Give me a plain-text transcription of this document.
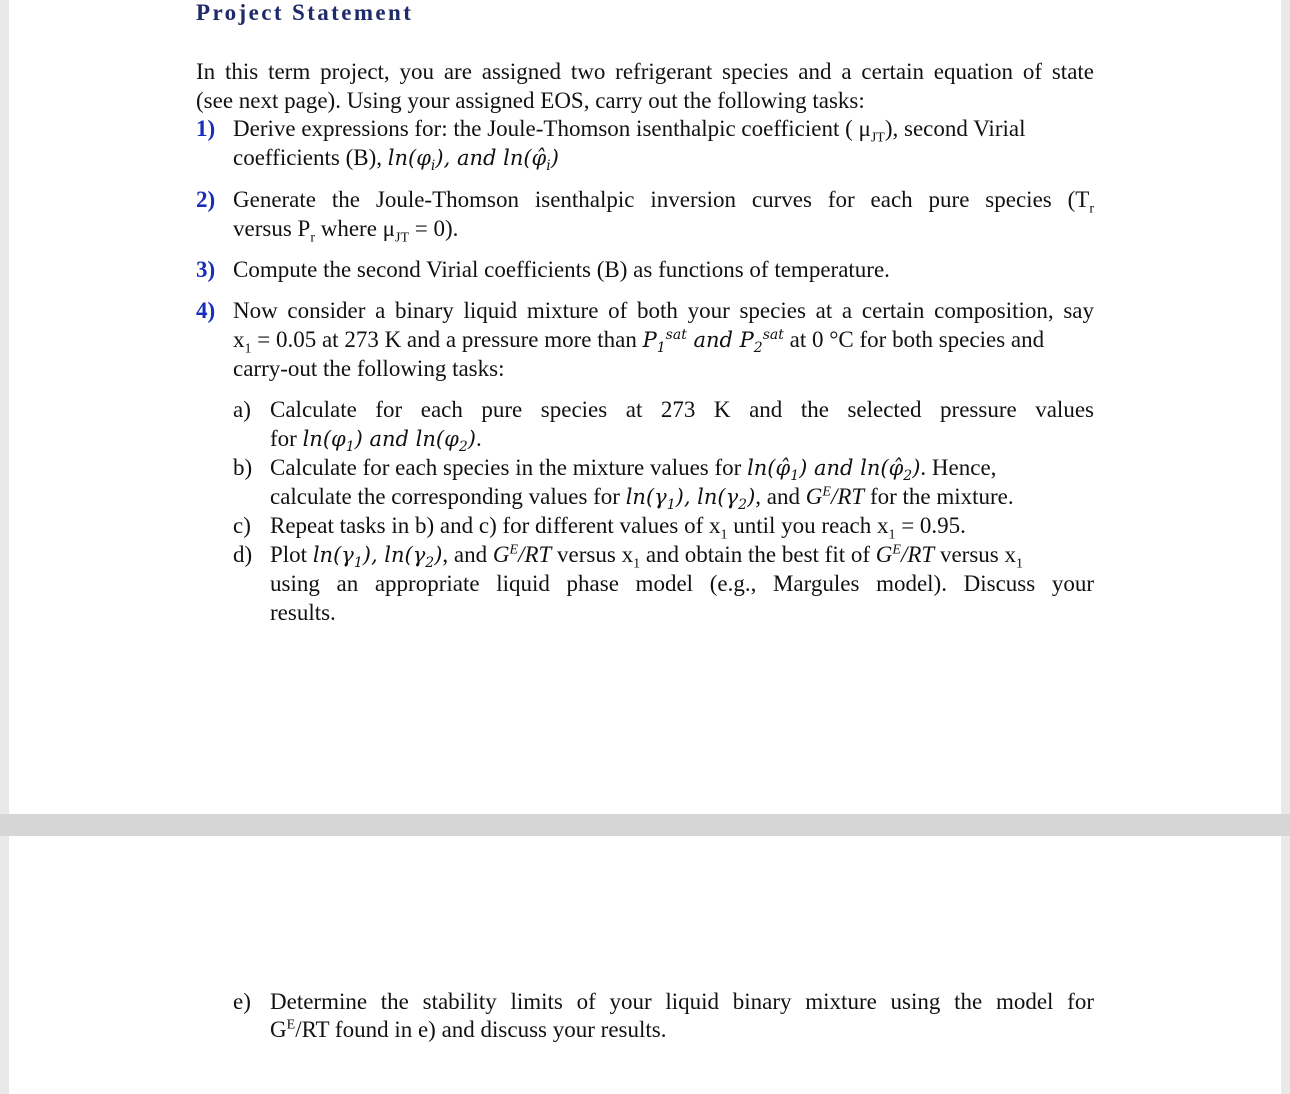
Project Statement
In this term project, you are assigned two refrigerant species and a certain equation of state
(see next page). Using your assigned EOS, carry out the following tasks:
1) Derive expressions for: the Joule-Thomson isenthalpic coefficient ( $\mu_{JT}$), second Virial
coefficients (B), $\ln(\varphi_i)$, and $\ln(\varphî_i)$
2) Generate the Joule-Thomson isenthalpic inversion curves for each pure species ($T_r$
versus $P_r$ where $\mu_{JT} = 0$).
3) Compute the second Virial coefficients (B) as functions of temperature.
4) Now consider a binary liquid mixture of both your species at a certain composition, say
$x_1 = 0.05$ at 273 K and a pressure more than $P_1^{sat}$ and $P_2^{sat}$ at 0 °C for both species and
carry-out the following tasks:
a) Calculate for each pure species at 273 K and the selected pressure values
for $\ln(\varphi_1)$ and $\ln(\varphi_2)$.
b) Calculate for each species in the mixture values for $\ln(\varphî_1)$ and $\ln(\varphî_2)$. Hence,
calculate the corresponding values for $\ln(\gamma_1)$, $\ln(\gamma_2)$, and $G^E/RT$ for the mixture.
c) Repeat tasks in b) and c) for different values of $x_1$ until you reach $x_1 = 0.95$.
d) Plot $\ln(\gamma_1)$, $\ln(\gamma_2)$, and $G^E/RT$ versus $x_1$ and obtain the best fit of $G^E/RT$ versus $x_1$
using an appropriate liquid phase model (e.g., Margules model). Discuss your
results.
e) Determine the stability limits of your liquid binary mixture using the model for
$G^E/RT$ found in e) and discuss your results.
